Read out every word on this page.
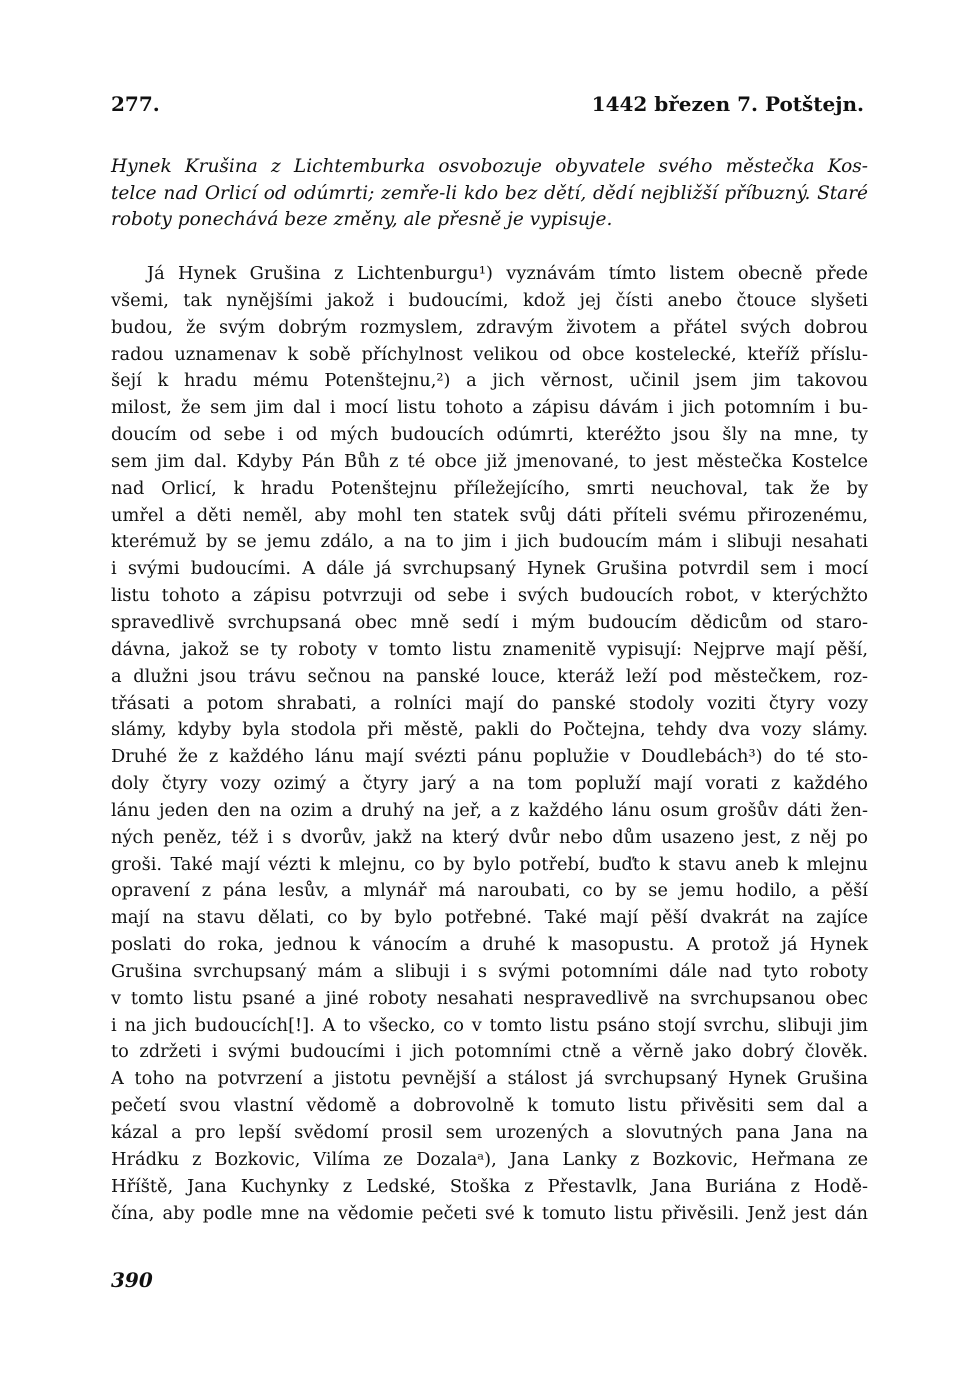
277.	1442 březen 7. Potštejn.
Hynek Krušina z Lichtemburka osvobozuje obyvatele svého městečka Kos-
telce nad Orlicí od odúmrti; zemře-li kdo bez dětí, dědí nejbližší příbuzný. Staré
roboty ponechává beze změny, ale přesně je vypisuje.
Já Hynek Grušina z Lichtenburgu¹) vyznávám tímto listem obecně přede
všemi, tak nynějšími jakož i budoucími, kdož jej čísti anebo čtouce slyšeti
budou, že svým dobrým rozmyslem, zdravým životem a přátel svých dobrou
radou uznamenav k sobě příchylnost velikou od obce kostelecké, kteříž příslu-
šejí k hradu mému Potenštejnu,²) a jich věrnost, učinil jsem jim takovou
milost, že sem jim dal i mocí listu tohoto a zápisu dávám i jich potomním i bu-
doucím od sebe i od mých budoucích odúmrti, kteréžto jsou šly na mne, ty
sem jim dal. Kdyby Pán Bůh z té obce již jmenované, to jest městečka Kostelce
nad Orlicí, k hradu Potenštejnu příležejícího, smrti neuchoval, tak že by
umřel a děti neměl, aby mohl ten statek svůj dáti příteli svému přirozenému,
kterémuž by se jemu zdálo, a na to jim i jich budoucím mám i slibuji nesahati
i svými budoucími. A dále já svrchupsaný Hynek Grušina potvrdil sem i mocí
listu tohoto a zápisu potvrzuji od sebe i svých budoucích robot, v kterýchžto
spravedlivě svrchupsaná obec mně sedí i mým budoucím dědicům od staro-
dávna, jakož se ty roboty v tomto listu znamenitě vypisují: Nejprve mají pěší,
a dlužni jsou trávu sečnou na panské louce, kteráž leží pod městečkem, roz-
třásati a potom shrabati, a rolníci mají do panské stodoly voziti čtyry vozy
slámy, kdyby byla stodola při městě, pakli do Počtejna, tehdy dva vozy slámy.
Druhé že z každého lánu mají svézti pánu poplužie v Doudlebách³) do té sto-
doly čtyry vozy ozimý a čtyry jarý a na tom popluží mají vorati z každého
lánu jeden den na ozim a druhý na jeř, a z každého lánu osum grošův dáti žen-
ných peněz, též i s dvorův, jakž na který dvůr nebo dům usazeno jest, z něj po
groši. Také mají vézti k mlejnu, co by bylo potřebí, buďto k stavu aneb k mlejnu
opravení z pána lesův, a mlynář má naroubati, co by se jemu hodilo, a pěší
mají na stavu dělati, co by bylo potřebné. Také mají pěší dvakrát na zajíce
poslati do roka, jednou k vánocím a druhé k masopustu. A protož já Hynek
Grušina svrchupsaný mám a slibuji i s svými potomními dále nad tyto roboty
v tomto listu psané a jiné roboty nesahati nespravedlivě na svrchupsanou obec
i na jich budoucích[!]. A to všecko, co v tomto listu psáno stojí svrchu, slibuji jim
to zdržeti i svými budoucími i jich potomními ctně a věrně jako dobrý člověk.
A toho na potvrzení a jistotu pevnější a stálost já svrchupsaný Hynek Grušina
pečetí svou vlastní vědomě a dobrovolně k tomuto listu přivěsiti sem dal a
kázal a pro lepší svědomí prosil sem urozených a slovutných pana Jana na
Hrádku z Bozkovic, Vilíma ze Dozalaᵃ), Jana Lanky z Bozkovic, Heřmana ze
Hříště, Jana Kuchynky z Ledské, Stoška z Přestavlk, Jana Buriána z Hodě-
čína, aby podle mne na vědomie pečeti své k tomuto listu přivěsili. Jenž jest dán
390
